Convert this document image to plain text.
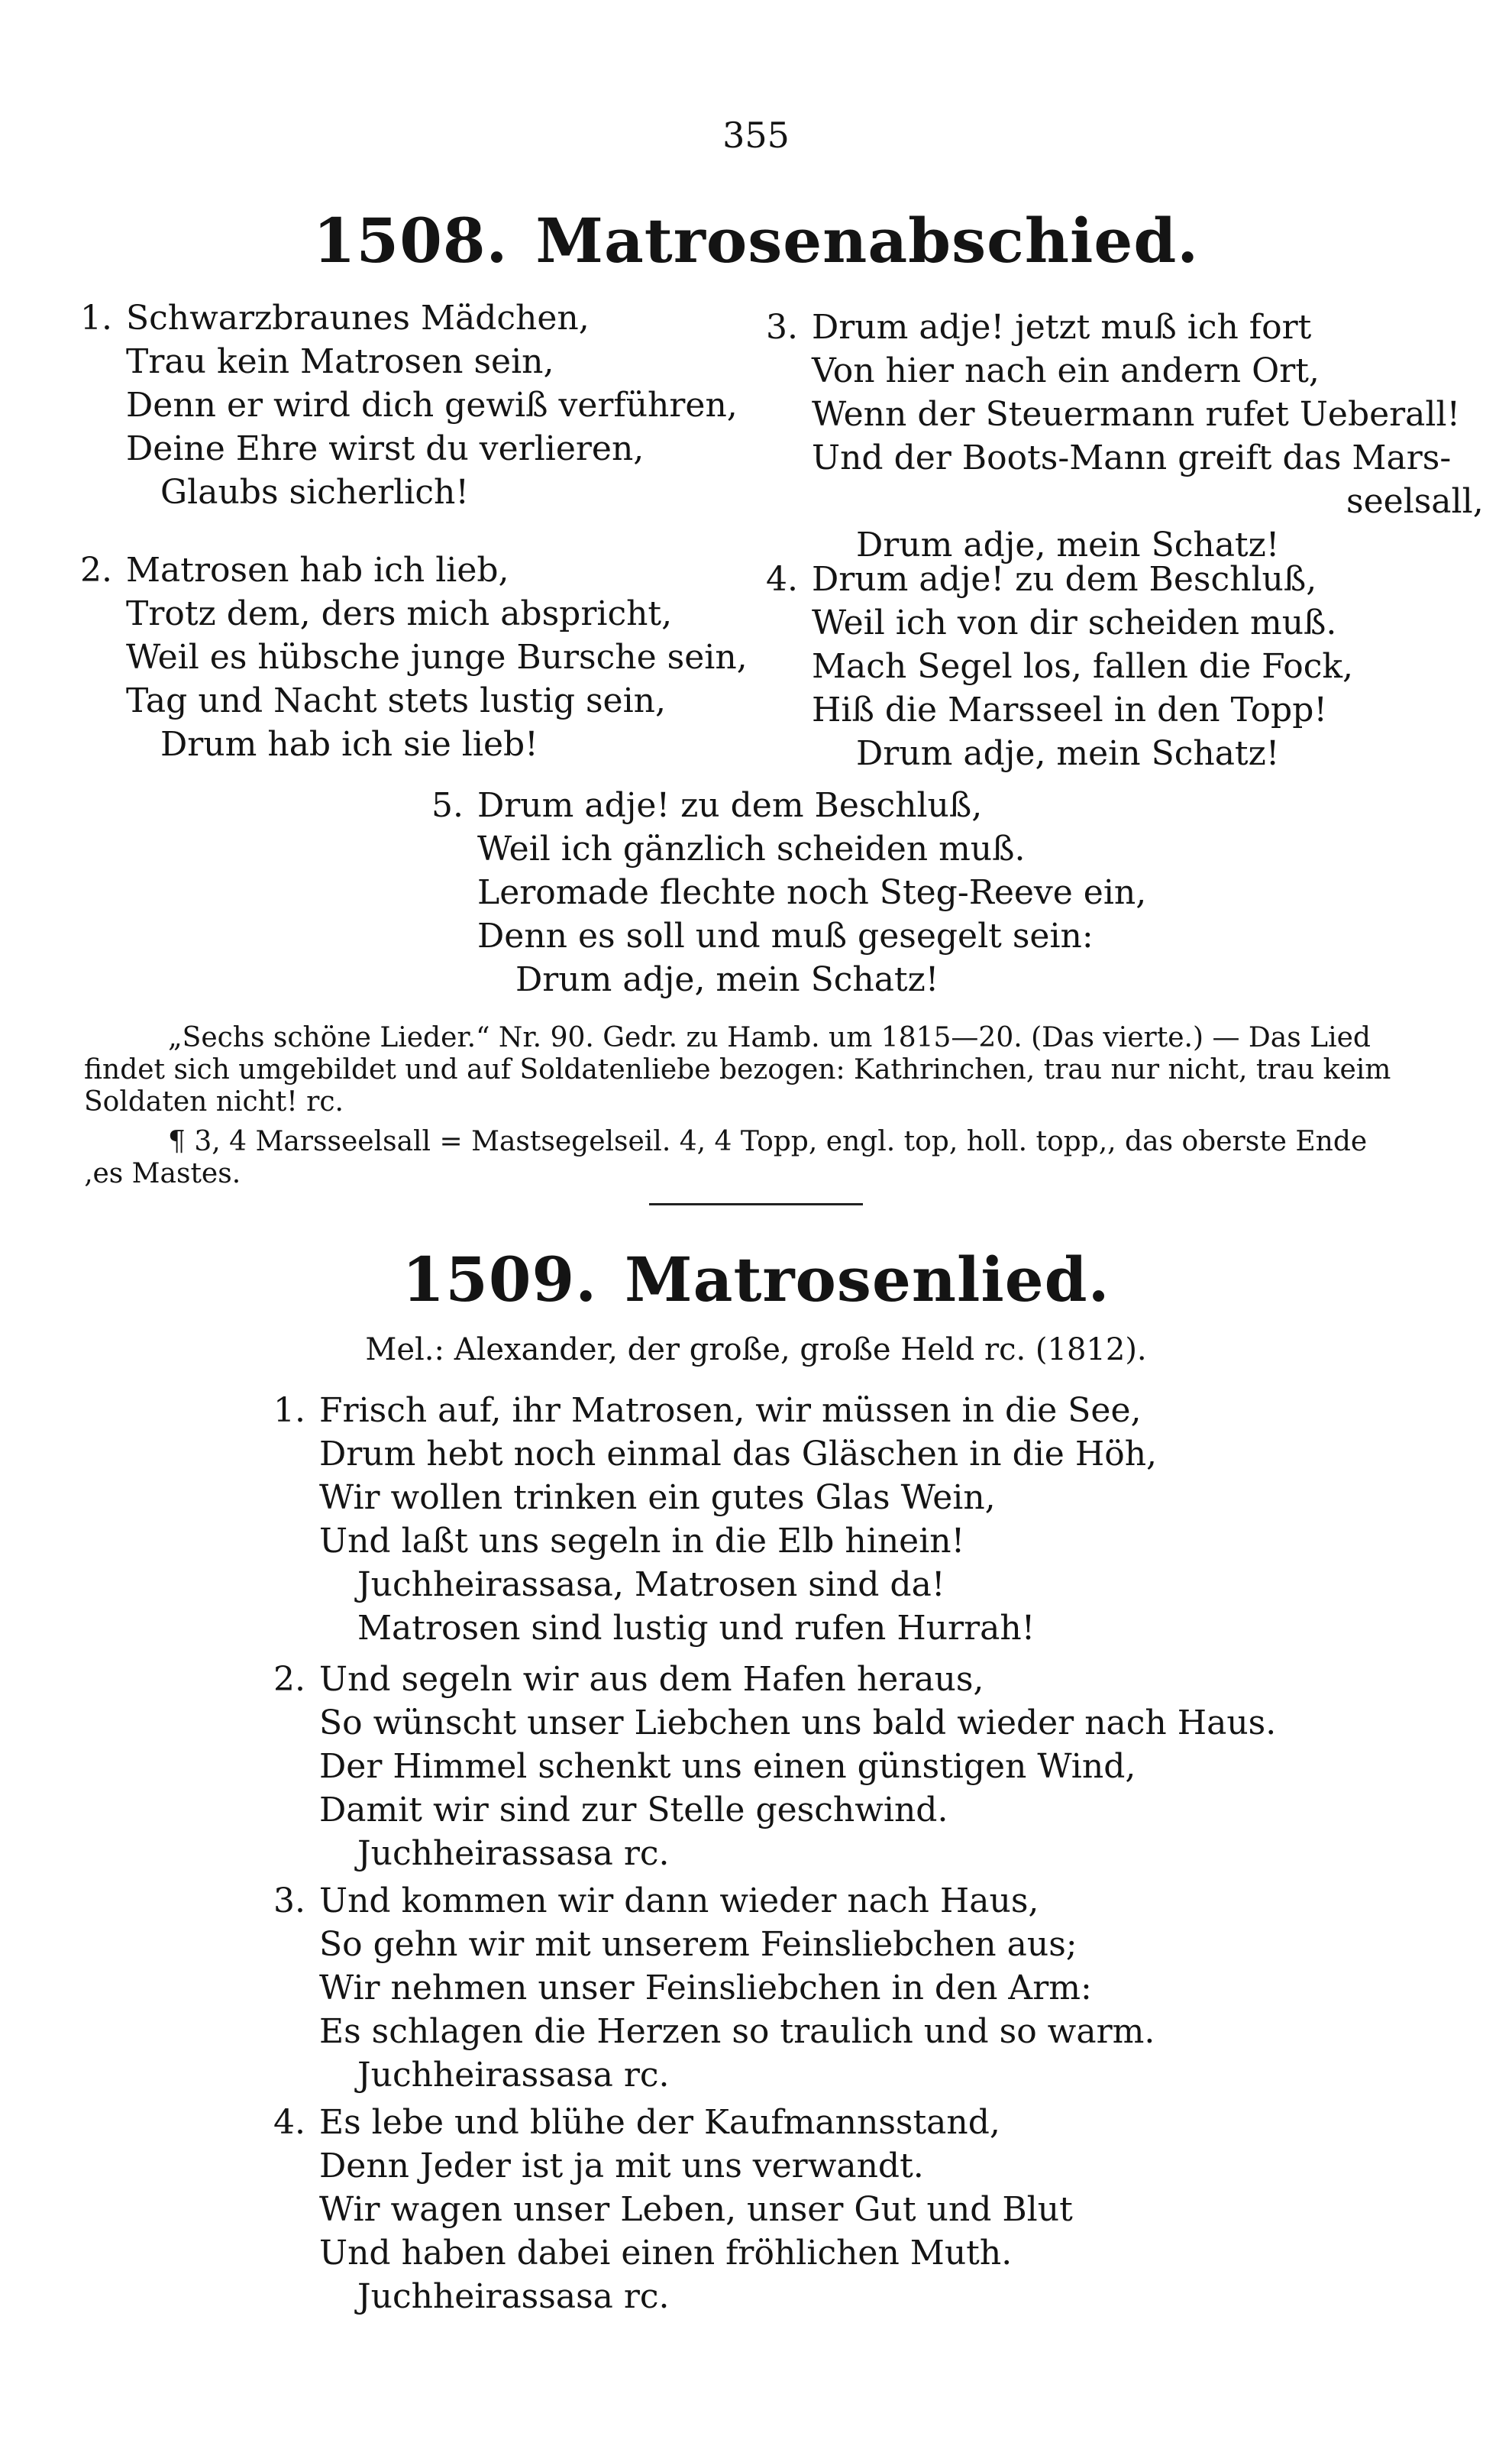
355
1508. Matrosenabschied.
1. Schwarzbraunes Mädchen,
Trau kein Matrosen sein,
Denn er wird dich gewiß verführen,
Deine Ehre wirst du verlieren,
Glaubs sicherlich!
2. Matrosen hab ich lieb,
Trotz dem, ders mich abspricht,
Weil es hübsche junge Bursche sein,
Tag und Nacht stets lustig sein,
Drum hab ich sie lieb!
3. Drum adje! jetzt muß ich fort
Von hier nach ein andern Ort,
Wenn der Steuermann rufet Ueberall!
Und der Boots-Mann greift das Mars-
seelsall,
Drum adje, mein Schatz!
4. Drum adje! zu dem Beschluß,
Weil ich von dir scheiden muß.
Mach Segel los, fallen die Fock,
Hiß die Marsseel in den Topp!
Drum adje, mein Schatz!
5. Drum adje! zu dem Beschluß,
Weil ich gänzlich scheiden muß.
Leromade flechte noch Steg-Reeve ein,
Denn es soll und muß gesegelt sein:
Drum adje, mein Schatz!
„Sechs schöne Lieder.“ Nr. 90. Gedr. zu Hamb. um 1815—20. (Das vierte.) — Das Lied
findet sich umgebildet und auf Soldatenliebe bezogen: Kathrinchen, trau nur nicht, trau keim
Soldaten nicht! rc.
¶ 3, 4 Marsseelsall = Mastsegelseil. 4, 4 Topp, engl. top, holl. topp,, das oberste Ende
‚es Mastes.
1509. Matrosenlied.
Mel.: Alexander, der große, große Held rc. (1812).
1. Frisch auf, ihr Matrosen, wir müssen in die See,
Drum hebt noch einmal das Gläschen in die Höh,
Wir wollen trinken ein gutes Glas Wein,
Und laßt uns segeln in die Elb hinein!
Juchheirassasa, Matrosen sind da!
Matrosen sind lustig und rufen Hurrah!
2. Und segeln wir aus dem Hafen heraus,
So wünscht unser Liebchen uns bald wieder nach Haus.
Der Himmel schenkt uns einen günstigen Wind,
Damit wir sind zur Stelle geschwind.
Juchheirassasa rc.
3. Und kommen wir dann wieder nach Haus,
So gehn wir mit unserem Feinsliebchen aus;
Wir nehmen unser Feinsliebchen in den Arm:
Es schlagen die Herzen so traulich und so warm.
Juchheirassasa rc.
4. Es lebe und blühe der Kaufmannsstand,
Denn Jeder ist ja mit uns verwandt.
Wir wagen unser Leben, unser Gut und Blut
Und haben dabei einen fröhlichen Muth.
Juchheirassasa rc.
